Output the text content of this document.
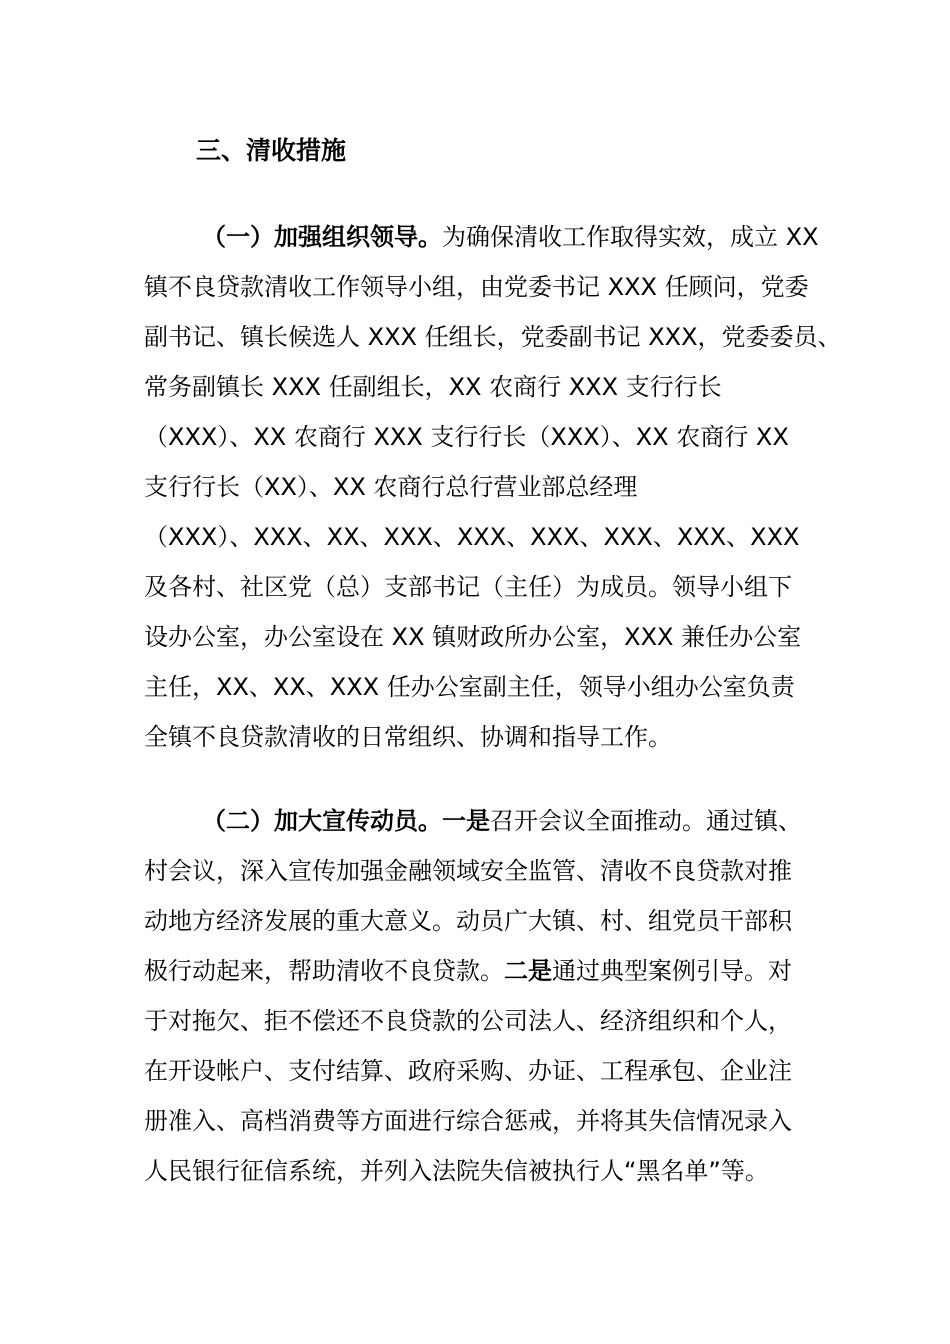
三、清收措施
（一）加强组织领导。为确保清收工作取得实效，成立 XX
镇不良贷款清收工作领导小组，由党委书记 XXX 任顾问，党委
副书记、镇长候选人 XXX 任组长，党委副书记 XXX，党委委员、
常务副镇长 XXX 任副组长，XX 农商行 XXX 支行行长
（XXX）、XX 农商行 XXX 支行行长（XXX）、XX 农商行 XX
支行行长（XX）、XX 农商行总行营业部总经理
（XXX）、XXX、XX、XXX、XXX、XXX、XXX、XXX、XXX
及各村、社区党（总）支部书记（主任）为成员。领导小组下
设办公室，办公室设在 XX 镇财政所办公室，XXX 兼任办公室
主任，XX、XX、XXX 任办公室副主任，领导小组办公室负责
全镇不良贷款清收的日常组织、协调和指导工作。
（二）加大宣传动员。一是召开会议全面推动。通过镇、
村会议，深入宣传加强金融领域安全监管、清收不良贷款对推
动地方经济发展的重大意义。动员广大镇、村、组党员干部积
极行动起来，帮助清收不良贷款。二是通过典型案例引导。对
于对拖欠、拒不偿还不良贷款的公司法人、经济组织和个人，
在开设帐户、支付结算、政府采购、办证、工程承包、企业注
册准入、高档消费等方面进行综合惩戒，并将其失信情况录入
人民银行征信系统，并列入法院失信被执行人“黑名单”等。
